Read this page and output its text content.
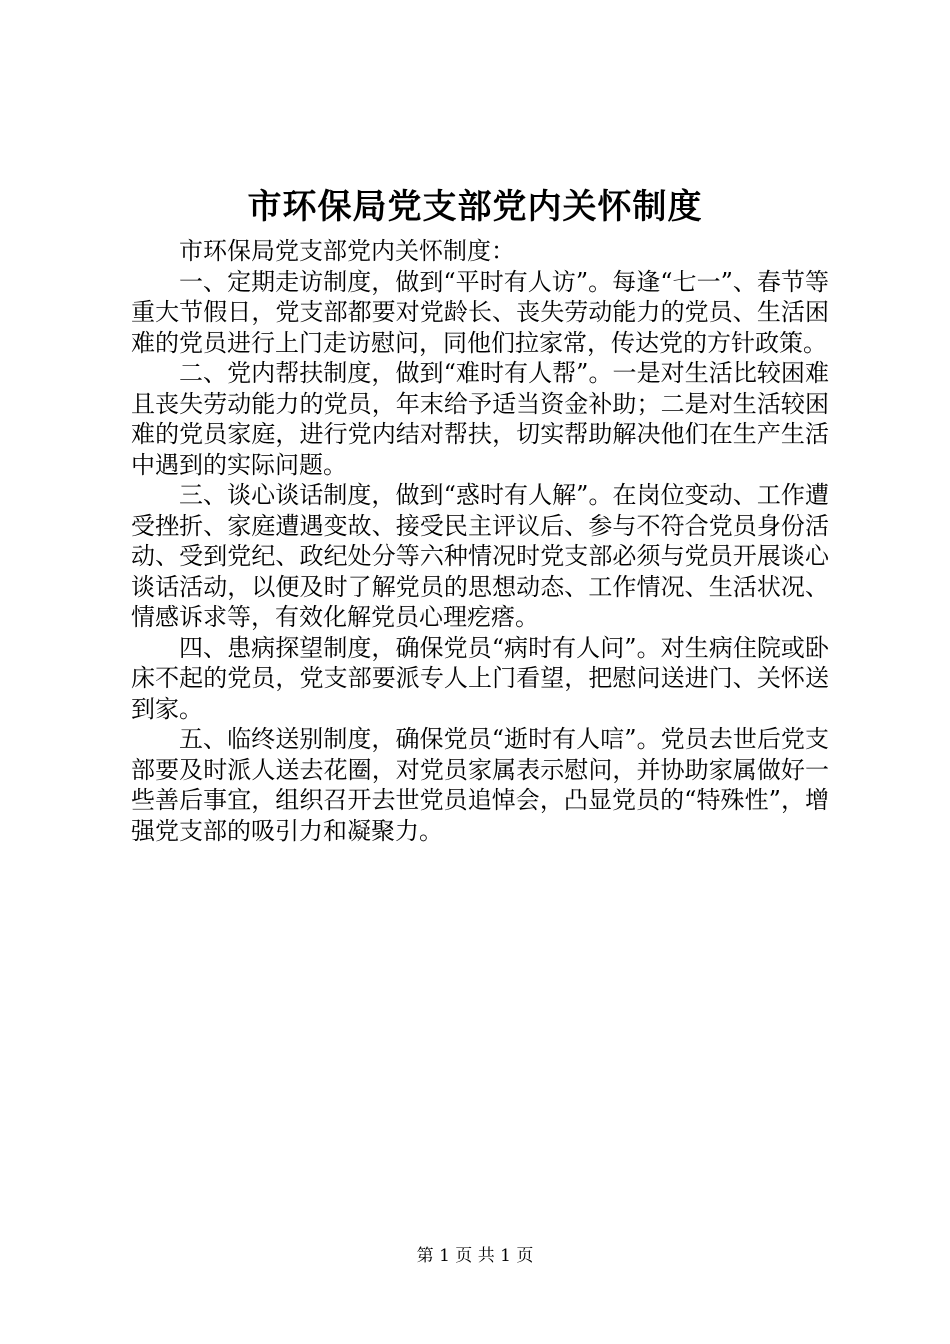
市环保局党支部党内关怀制度

市环保局党支部党内关怀制度：

一、定期走访制度，做到“平时有人访”。每逢“七一”、春节等重大节假日，党支部都要对党龄长、丧失劳动能力的党员、生活困难的党员进行上门走访慰问，同他们拉家常，传达党的方针政策。

二、党内帮扶制度，做到“难时有人帮”。一是对生活比较困难且丧失劳动能力的党员，年末给予适当资金补助；二是对生活较困难的党员家庭，进行党内结对帮扶，切实帮助解决他们在生产生活中遇到的实际问题。

三、谈心谈话制度，做到“惑时有人解”。在岗位变动、工作遭受挫折、家庭遭遇变故、接受民主评议后、参与不符合党员身份活动、受到党纪、政纪处分等六种情况时党支部必须与党员开展谈心谈话活动，以便及时了解党员的思想动态、工作情况、生活状况、情感诉求等，有效化解党员心理疙瘩。

四、患病探望制度，确保党员“病时有人问”。对生病住院或卧床不起的党员，党支部要派专人上门看望，把慰问送进门、关怀送到家。

五、临终送别制度，确保党员“逝时有人唁”。党员去世后党支部要及时派人送去花圈，对党员家属表示慰问，并协助家属做好一些善后事宜，组织召开去世党员追悼会，凸显党员的“特殊性”，增强党支部的吸引力和凝聚力。

第 1 页 共 1 页
